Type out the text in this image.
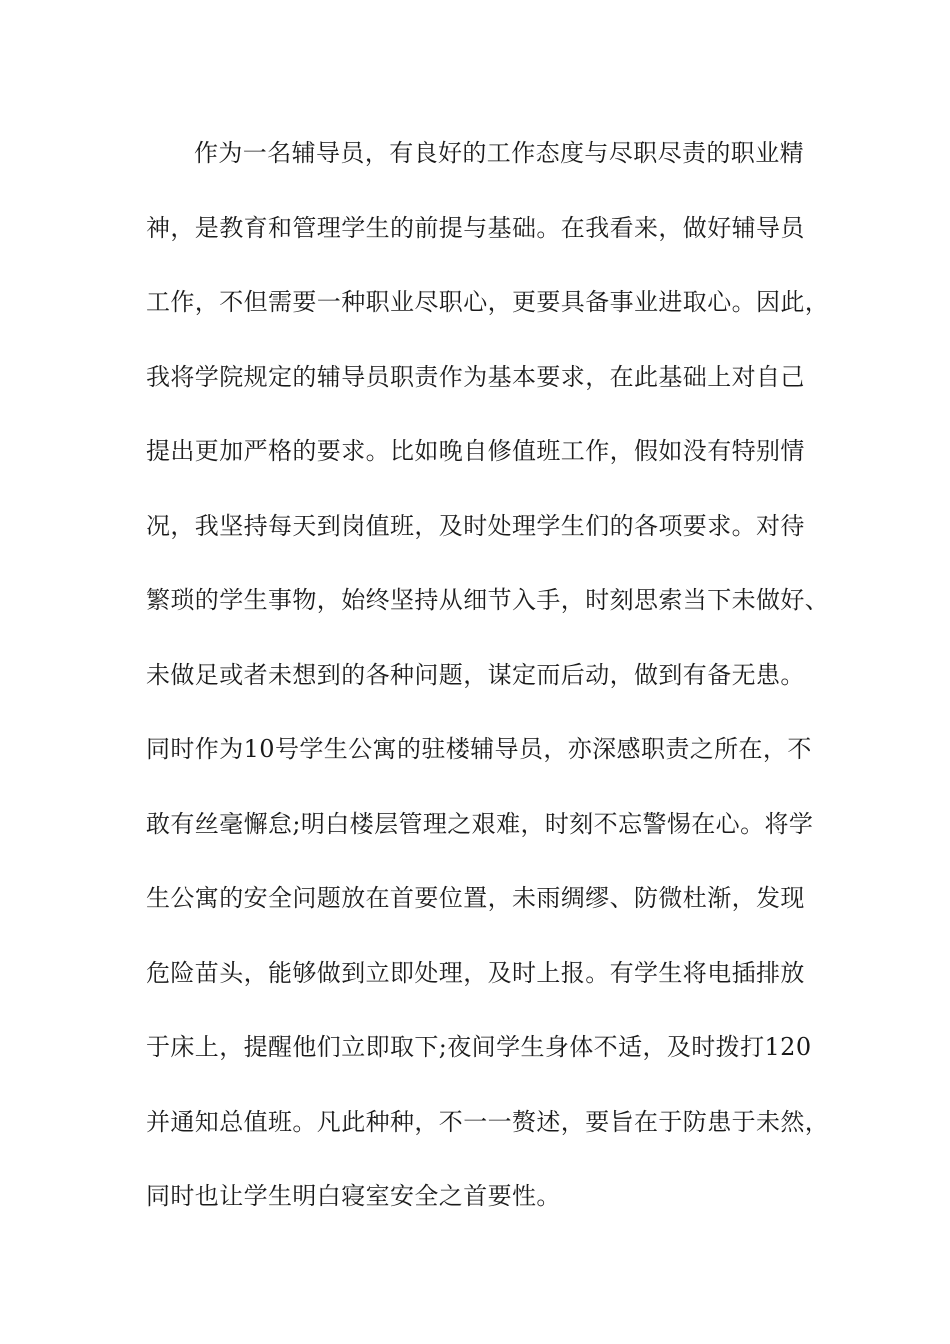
作为一名辅导员，有良好的工作态度与尽职尽责的职业精
神，是教育和管理学生的前提与基础。在我看来，做好辅导员
工作，不但需要一种职业尽职心，更要具备事业进取心。因此，
我将学院规定的辅导员职责作为基本要求，在此基础上对自己
提出更加严格的要求。比如晚自修值班工作，假如没有特别情
况，我坚持每天到岗值班，及时处理学生们的各项要求。对待
繁琐的学生事物，始终坚持从细节入手，时刻思索当下未做好、
未做足或者未想到的各种问题，谋定而后动，做到有备无患。
同时作为10号学生公寓的驻楼辅导员，亦深感职责之所在，不
敢有丝毫懈怠;明白楼层管理之艰难，时刻不忘警惕在心。将学
生公寓的安全问题放在首要位置，未雨绸缪、防微杜渐，发现
危险苗头，能够做到立即处理，及时上报。有学生将电插排放
于床上，提醒他们立即取下;夜间学生身体不适，及时拨打120
并通知总值班。凡此种种，不一一赘述，要旨在于防患于未然，
同时也让学生明白寝室安全之首要性。
